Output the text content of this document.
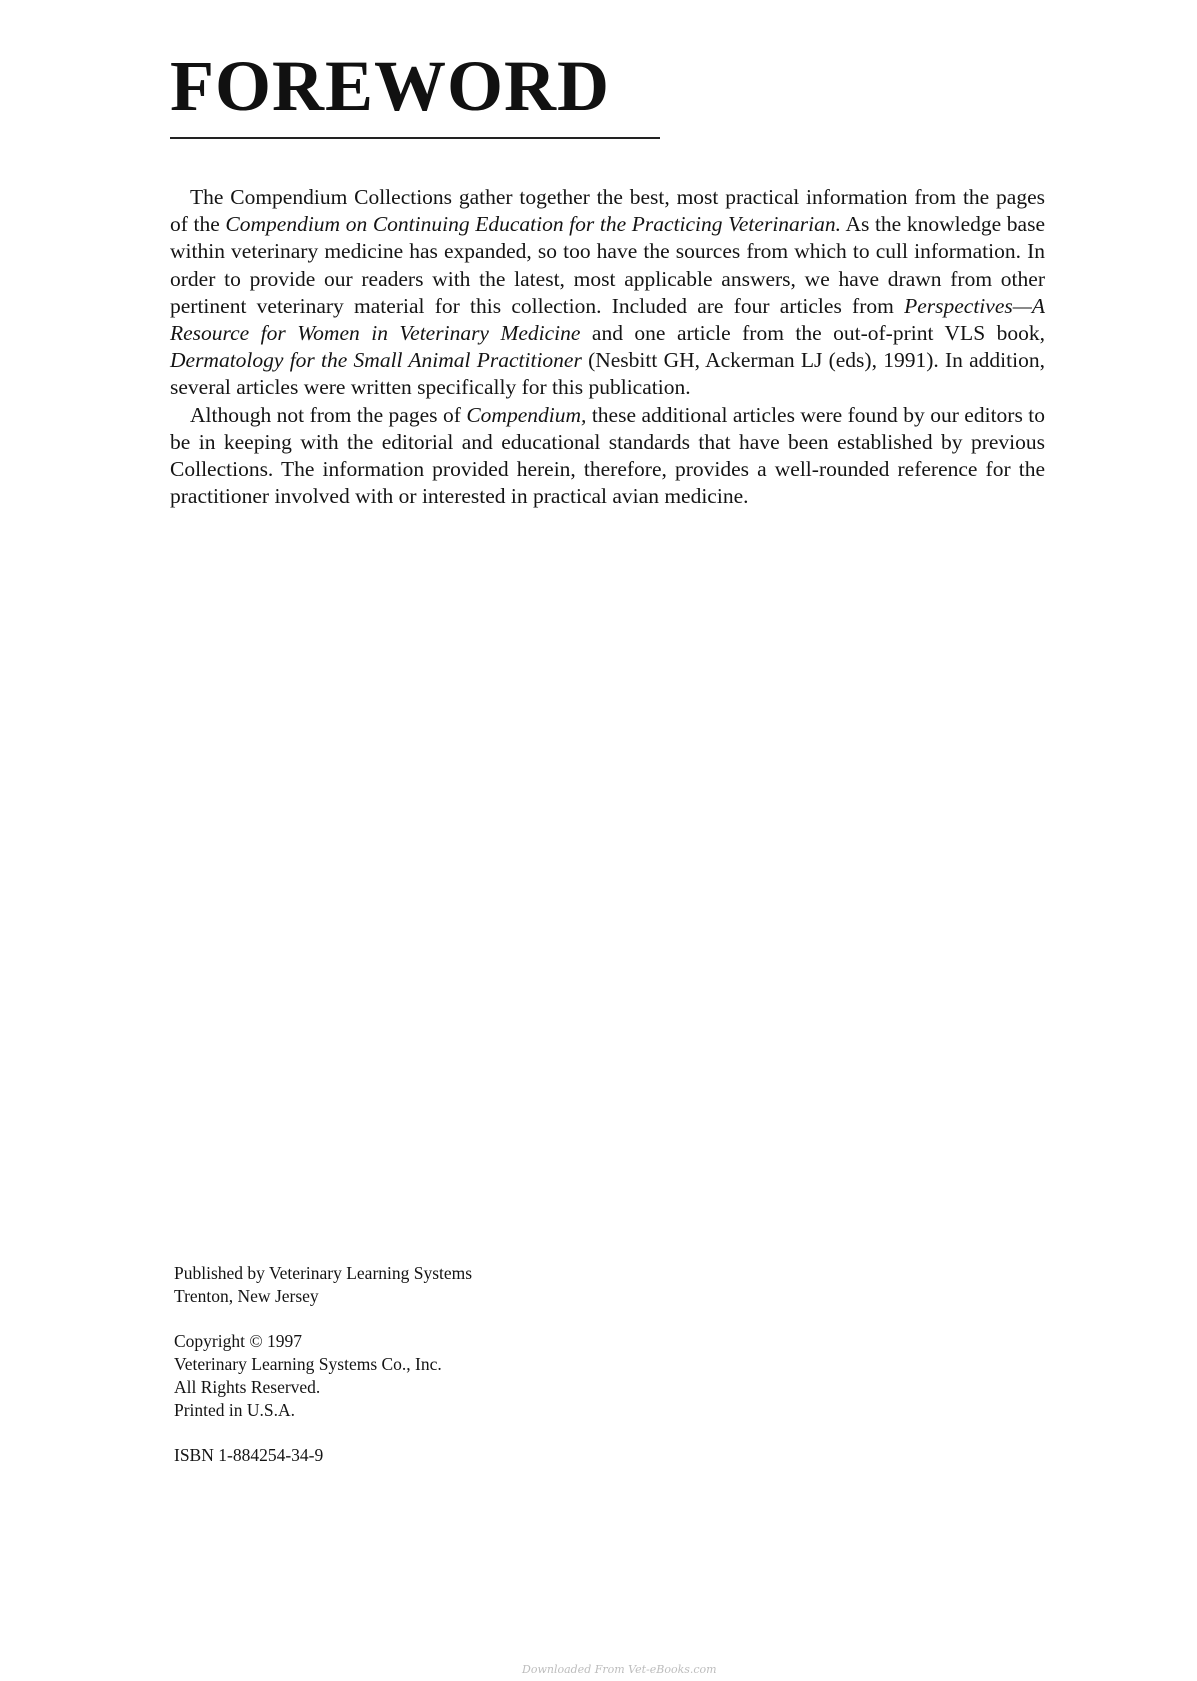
FOREWORD

The Compendium Collections gather together the best, most practical information from the pages of the Compendium on Continuing Education for the Practicing Veterinarian. As the knowledge base within veterinary medicine has expanded, so too have the sources from which to cull information. In order to provide our readers with the latest, most applicable answers, we have drawn from other pertinent veterinary material for this collection. Included are four articles from Perspectives—A Resource for Women in Veterinary Medicine and one article from the out-of-print VLS book, Dermatology for the Small Animal Practitioner (Nesbitt GH, Ackerman LJ (eds), 1991). In addition, several articles were written specifically for this publication.

Although not from the pages of Compendium, these additional articles were found by our editors to be in keeping with the editorial and educational standards that have been established by previous Collections. The information provided herein, therefore, provides a well-rounded reference for the practitioner involved with or interested in practical avian medicine.

Published by Veterinary Learning Systems
Trenton, New Jersey
Copyright © 1997
Veterinary Learning Systems Co., Inc.
All Rights Reserved.
Printed in U.S.A.
ISBN 1-884254-34-9
Downloaded From Vet-eBooks.com
